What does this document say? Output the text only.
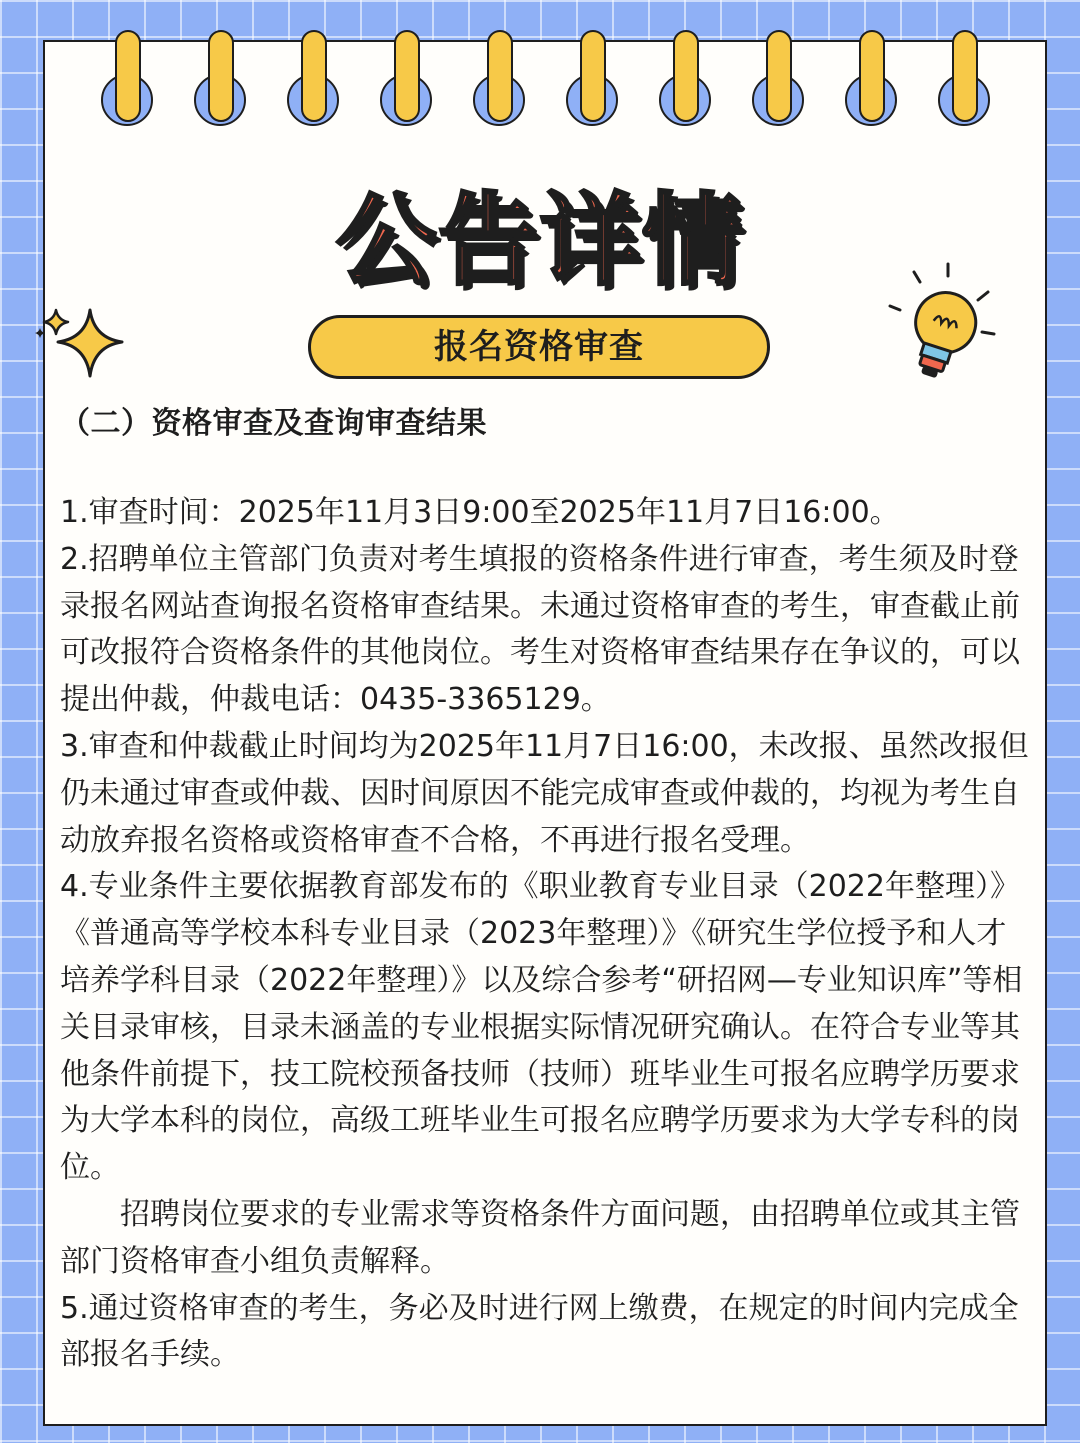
公告详情
报名资格审查
（二）资格审查及查询审查结果

1.审查时间：2025年11月3日9:00至2025年11月7日16:00。

2.招聘单位主管部门负责对考生填报的资格条件进行审查，考生须及时登录报名网站查询报名资格审查结果。未通过资格审查的考生，审查截止前可改报符合资格条件的其他岗位。考生对资格审查结果存在争议的，可以提出仲裁，仲裁电话：0435-3365129。

3.审查和仲裁截止时间均为2025年11月7日16:00，未改报、虽然改报但仍未通过审查或仲裁、因时间原因不能完成审查或仲裁的，均视为考生自动放弃报名资格或资格审查不合格，不再进行报名受理。

4.专业条件主要依据教育部发布的《职业教育专业目录（2022年整理）》《普通高等学校本科专业目录（2023年整理）》《研究生学位授予和人才培养学科目录（2022年整理）》以及综合参考“研招网—专业知识库”等相关目录审核，目录未涵盖的专业根据实际情况研究确认。在符合专业等其他条件前提下，技工院校预备技师（技师）班毕业生可报名应聘学历要求为大学本科的岗位，高级工班毕业生可报名应聘学历要求为大学专科的岗位。

招聘岗位要求的专业需求等资格条件方面问题，由招聘单位或其主管部门资格审查小组负责解释。

5.通过资格审查的考生，务必及时进行网上缴费，在规定的时间内完成全部报名手续。
